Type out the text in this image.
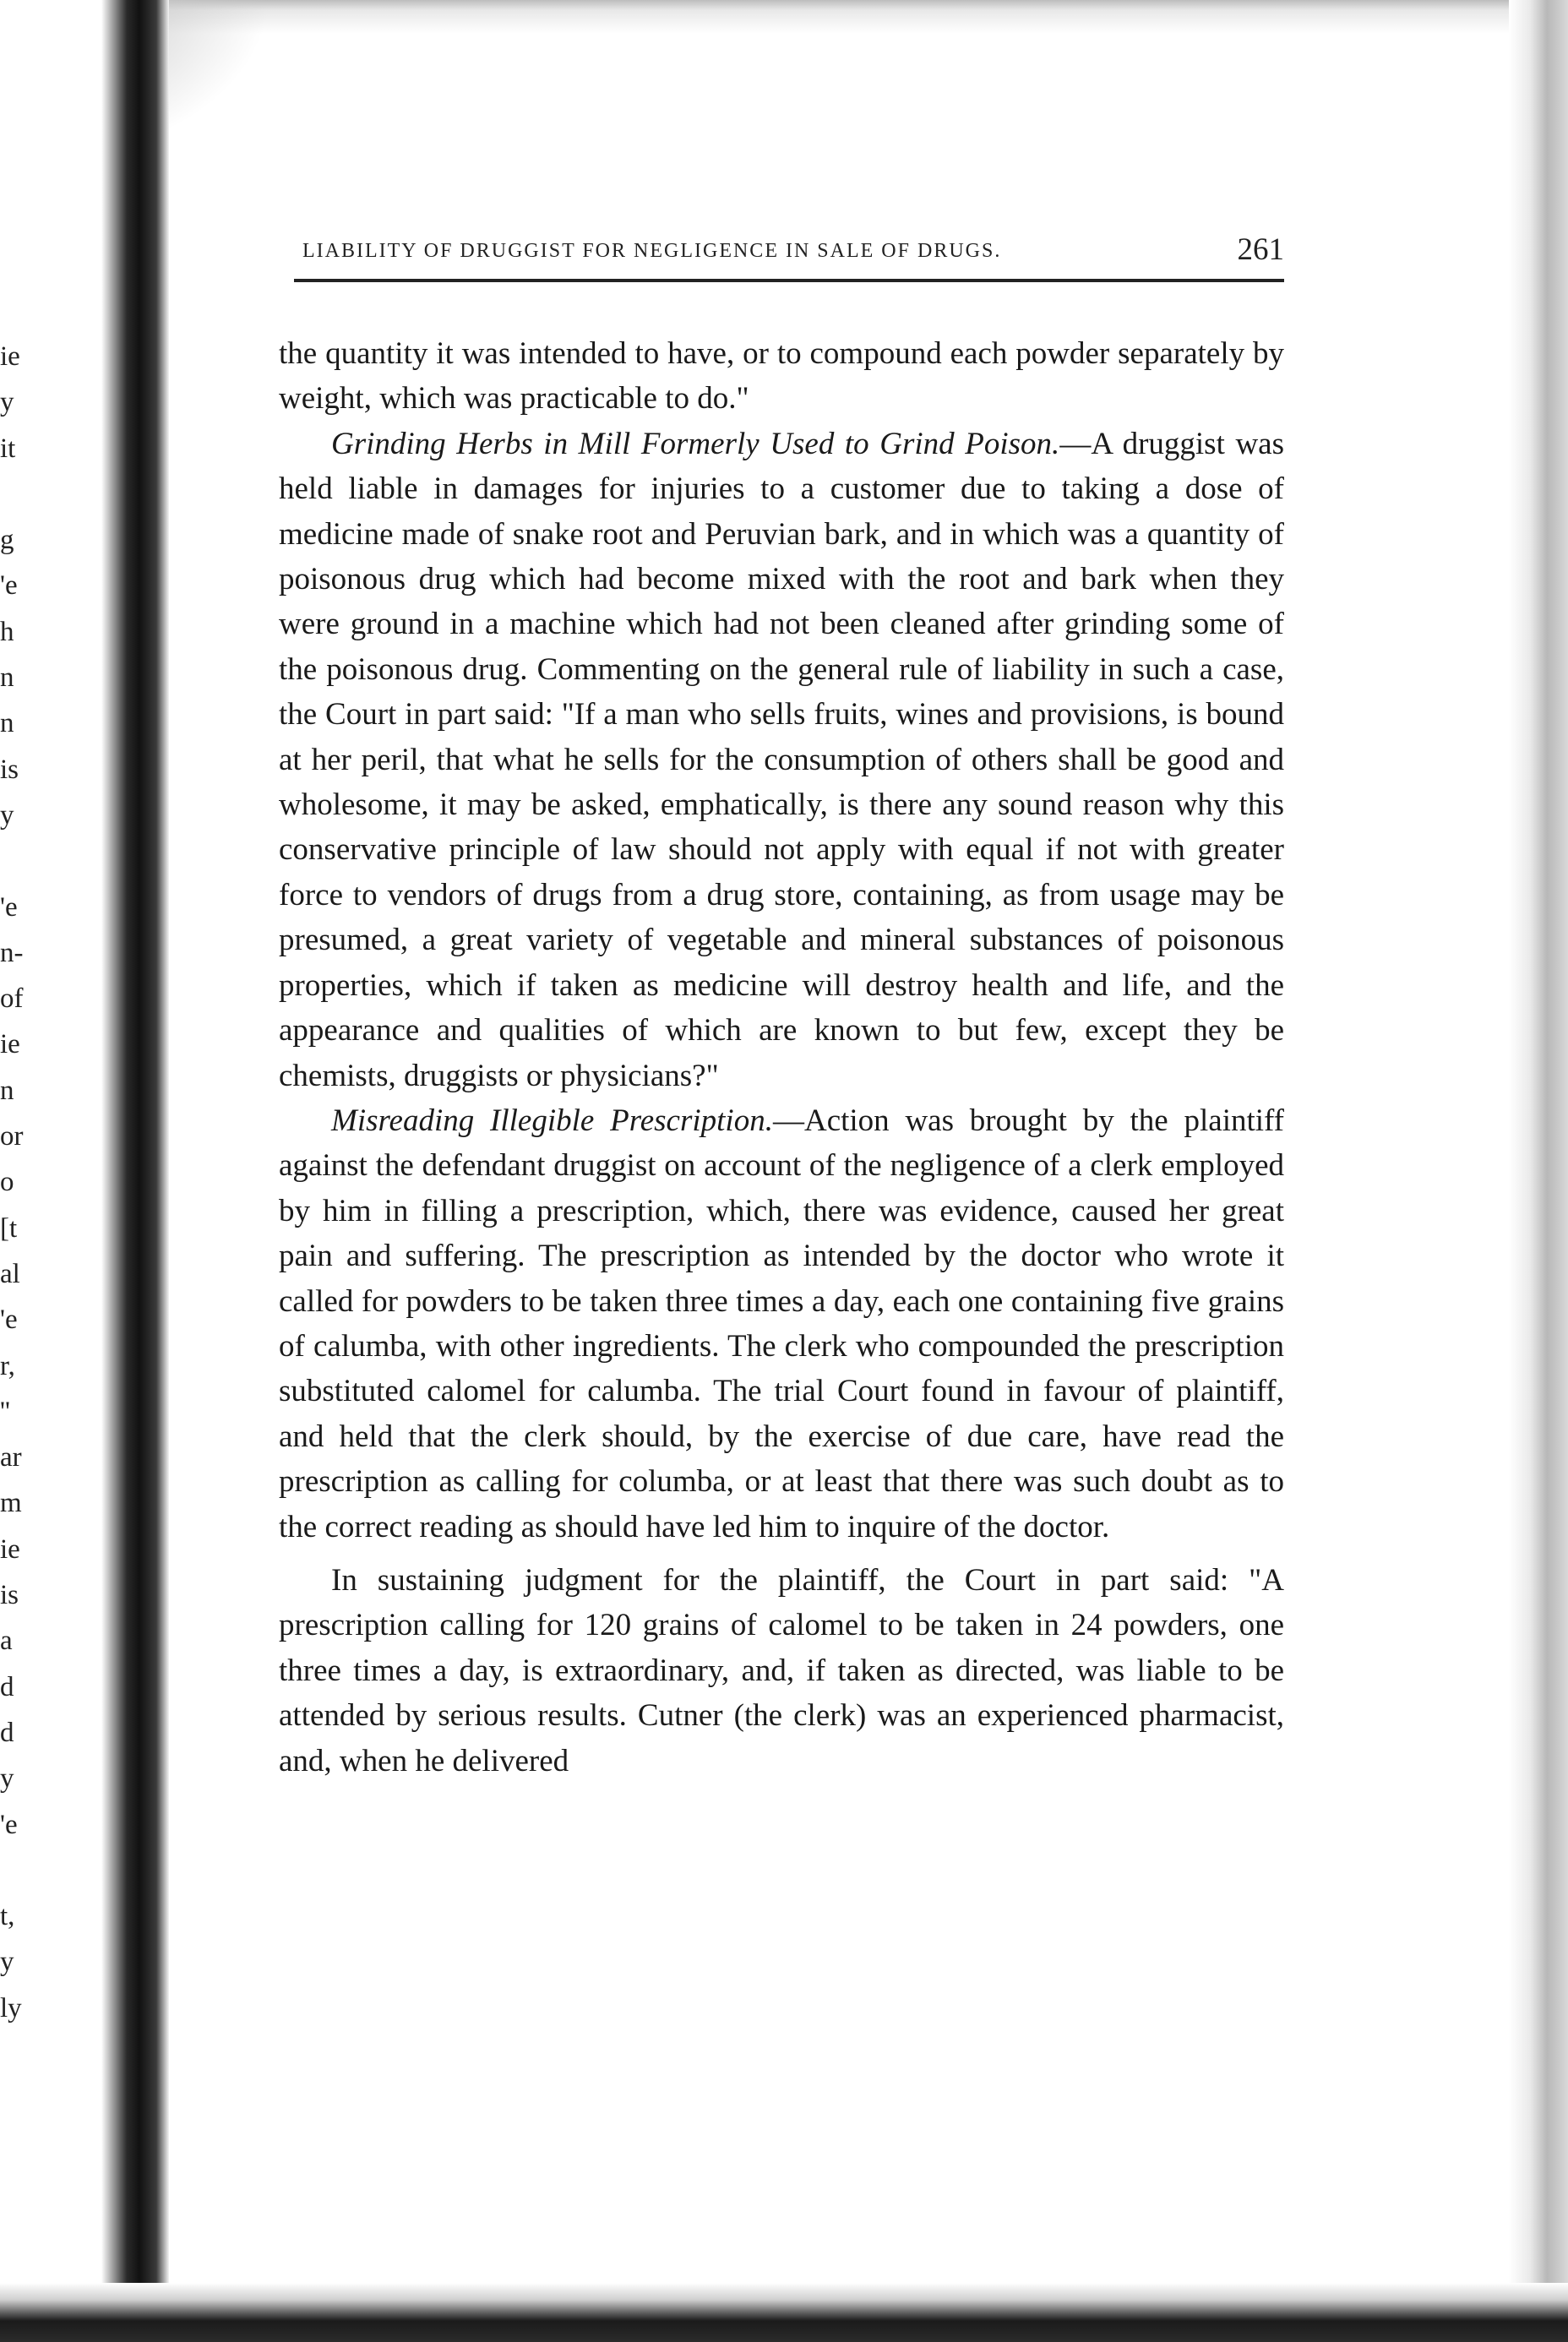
ie
y
it
g
'e
h
n
n
is
y
'e
n-
of
ie
n
or
o
[t
al
'e
r,
''
ar
m
ie
is
a
d
d
y
'e
t,
y
ly
LIABILITY OF DRUGGIST FOR NEGLIGENCE IN SALE OF DRUGS.	261

the quantity it was intended to have, or to compound each powder separately by weight, which was practicable to do."

Grinding Herbs in Mill Formerly Used to Grind Poison.—A druggist was held liable in damages for injuries to a customer due to taking a dose of medicine made of snake root and Peruvian bark, and in which was a quantity of poisonous drug which had become mixed with the root and bark when they were ground in a machine which had not been cleaned after grinding some of the poisonous drug. Commenting on the general rule of liability in such a case, the Court in part said: "If a man who sells fruits, wines and provisions, is bound at her peril, that what he sells for the consumption of others shall be good and wholesome, it may be asked, emphatically, is there any sound reason why this conservative principle of law should not apply with equal if not with greater force to vendors of drugs from a drug store, containing, as from usage may be presumed, a great variety of vegetable and mineral substances of poisonous properties, which if taken as medicine will destroy health and life, and the appearance and qualities of which are known to but few, except they be chemists, druggists or physicians?"

Misreading Illegible Prescription.—Action was brought by the plaintiff against the defendant druggist on account of the negligence of a clerk employed by him in filling a prescription, which, there was evidence, caused her great pain and suffering. The prescription as intended by the doctor who wrote it called for powders to be taken three times a day, each one containing five grains of calumba, with other ingredients. The clerk who compounded the prescription substituted calomel for calumba. The trial Court found in favour of plaintiff, and held that the clerk should, by the exercise of due care, have read the prescription as calling for columba, or at least that there was such doubt as to the correct reading as should have led him to inquire of the doctor.

In sustaining judgment for the plaintiff, the Court in part said: "A prescription calling for 120 grains of calomel to be taken in 24 powders, one three times a day, is extraordinary, and, if taken as directed, was liable to be attended by serious results. Cutner (the clerk) was an experienced pharmacist, and, when he delivered
